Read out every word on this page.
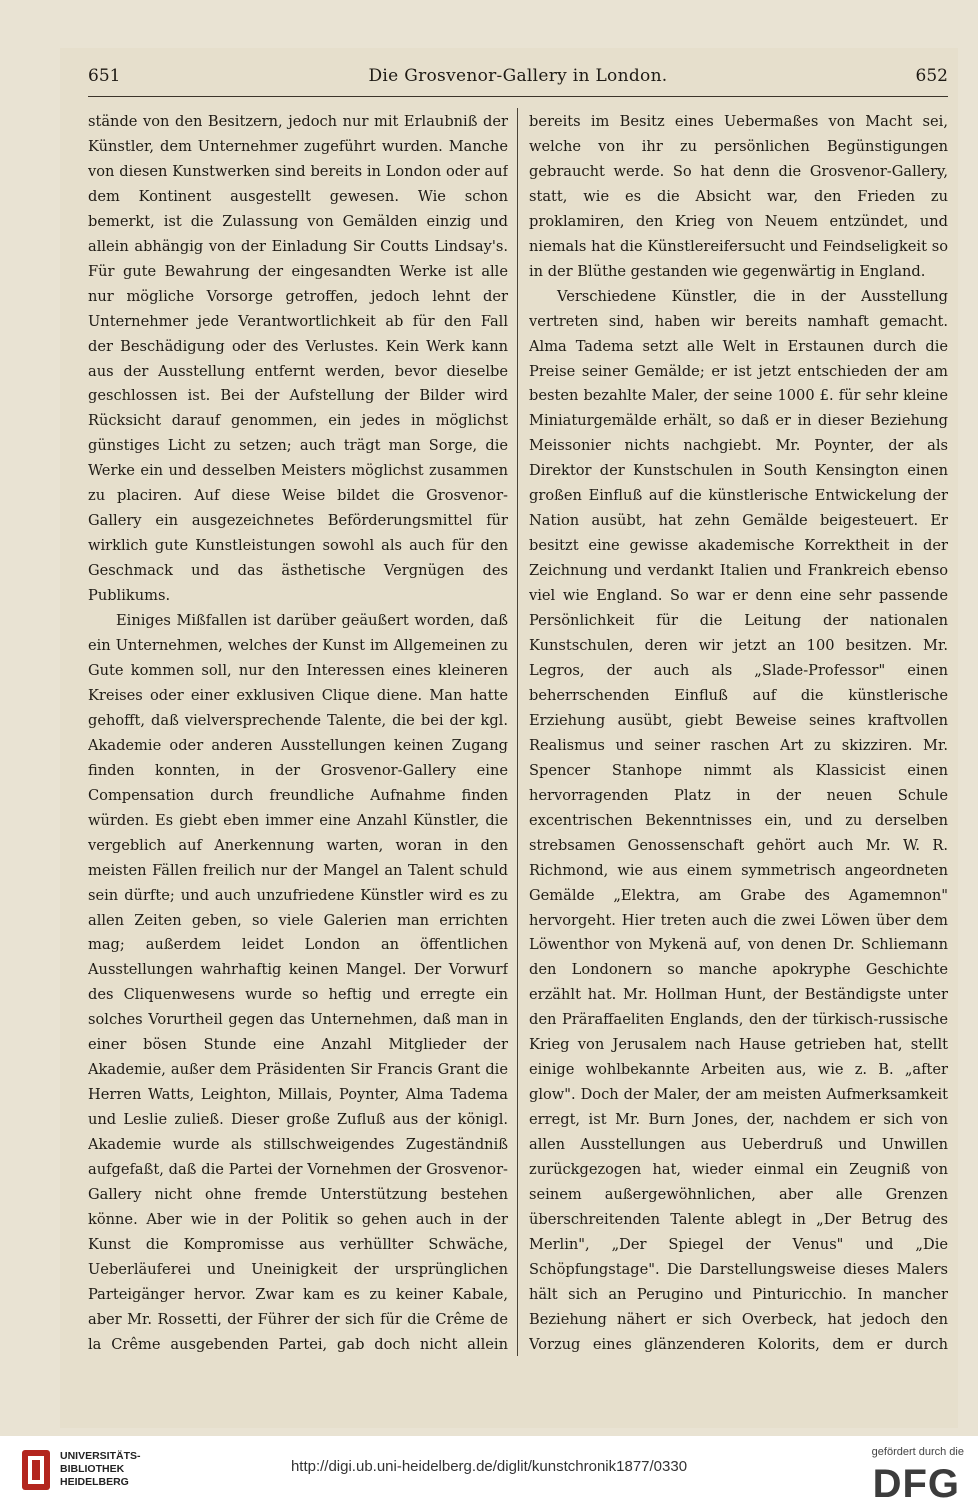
651	Die Grosvenor-Gallery in London.	652

stände von den Besitzern, jedoch nur mit Erlaubniß der Künstler, dem Unternehmer zugeführt wurden. Manche von diesen Kunstwerken sind bereits in London oder auf dem Kontinent ausgestellt gewesen. Wie schon bemerkt, ist die Zulassung von Gemälden einzig und allein abhängig von der Einladung Sir Coutts Lindsay's. Für gute Bewahrung der eingesandten Werke ist alle nur mögliche Vorsorge getroffen, jedoch lehnt der Unternehmer jede Verantwortlichkeit ab für den Fall der Beschädigung oder des Verlustes. Kein Werk kann aus der Ausstellung entfernt werden, bevor dieselbe geschlossen ist. Bei der Aufstellung der Bilder wird Rücksicht darauf genommen, ein jedes in möglichst günstiges Licht zu setzen; auch trägt man Sorge, die Werke ein und desselben Meisters möglichst zusammen zu placiren. Auf diese Weise bildet die Grosvenor-Gallery ein ausgezeichnetes Beförderungsmittel für wirklich gute Kunstleistungen sowohl als auch für den Geschmack und das ästhetische Vergnügen des Publikums.

Einiges Mißfallen ist darüber geäußert worden, daß ein Unternehmen, welches der Kunst im Allgemeinen zu Gute kommen soll, nur den Interessen eines kleineren Kreises oder einer exklusiven Clique diene. Man hatte gehofft, daß vielversprechende Talente, die bei der kgl. Akademie oder anderen Ausstellungen keinen Zugang finden konnten, in der Grosvenor-Gallery eine Compensation durch freundliche Aufnahme finden würden. Es giebt eben immer eine Anzahl Künstler, die vergeblich auf Anerkennung warten, woran in den meisten Fällen freilich nur der Mangel an Talent schuld sein dürfte; und auch unzufriedene Künstler wird es zu allen Zeiten geben, so viele Galerien man errichten mag; außerdem leidet London an öffentlichen Ausstellungen wahrhaftig keinen Mangel. Der Vorwurf des Cliquenwesens wurde so heftig und erregte ein solches Vorurtheil gegen das Unternehmen, daß man in einer bösen Stunde eine Anzahl Mitglieder der Akademie, außer dem Präsidenten Sir Francis Grant die Herren Watts, Leighton, Millais, Poynter, Alma Tadema und Leslie zuließ. Dieser große Zufluß aus der königl. Akademie wurde als stillschweigendes Zugeständniß aufgefaßt, daß die Partei der Vornehmen der Grosvenor-Gallery nicht ohne fremde Unterstützung bestehen könne. Aber wie in der Politik so gehen auch in der Kunst die Kompromisse aus verhüllter Schwäche, Ueberläuferei und Uneinigkeit der ursprünglichen Parteigänger hervor. Zwar kam es zu keiner Kabale, aber Mr. Rossetti, der Führer der sich für die Crême de la Crême ausgebenden Partei, gab doch nicht allein

bereits im Besitz eines Uebermaßes von Macht sei, welche von ihr zu persönlichen Begünstigungen gebraucht werde. So hat denn die Grosvenor-Gallery, statt, wie es die Absicht war, den Frieden zu proklamiren, den Krieg von Neuem entzündet, und niemals hat die Künstlereifersucht und Feindseligkeit so in der Blüthe gestanden wie gegenwärtig in England.

Verschiedene Künstler, die in der Ausstellung vertreten sind, haben wir bereits namhaft gemacht. Alma Tadema setzt alle Welt in Erstaunen durch die Preise seiner Gemälde; er ist jetzt entschieden der am besten bezahlte Maler, der seine 1000 £. für sehr kleine Miniaturgemälde erhält, so daß er in dieser Beziehung Meissonier nichts nachgiebt. Mr. Poynter, der als Direktor der Kunstschulen in South Kensington einen großen Einfluß auf die künstlerische Entwickelung der Nation ausübt, hat zehn Gemälde beigesteuert. Er besitzt eine gewisse akademische Korrektheit in der Zeichnung und verdankt Italien und Frankreich ebenso viel wie England. So war er denn eine sehr passende Persönlichkeit für die Leitung der nationalen Kunstschulen, deren wir jetzt an 100 besitzen. Mr. Legros, der auch als „Slade-Professor" einen beherrschenden Einfluß auf die künstlerische Erziehung ausübt, giebt Beweise seines kraftvollen Realismus und seiner raschen Art zu skizziren. Mr. Spencer Stanhope nimmt als Klassicist einen hervorragenden Platz in der neuen Schule excentrischen Bekenntnisses ein, und zu derselben strebsamen Genossenschaft gehört auch Mr. W. R. Richmond, wie aus einem symmetrisch angeordneten Gemälde „Elektra, am Grabe des Agamemnon" hervorgeht. Hier treten auch die zwei Löwen über dem Löwenthor von Mykenä auf, von denen Dr. Schliemann den Londonern so manche apokryphe Geschichte erzählt hat. Mr. Hollman Hunt, der Beständigste unter den Präraffaeliten Englands, den der türkisch-russische Krieg von Jerusalem nach Hause getrieben hat, stellt einige wohlbekannte Arbeiten aus, wie z. B. „after glow". Doch der Maler, der am meisten Aufmerksamkeit erregt, ist Mr. Burn Jones, der, nachdem er sich von allen Ausstellungen aus Ueberdruß und Unwillen zurückgezogen hat, wieder einmal ein Zeugniß von seinem außergewöhnlichen, aber alle Grenzen überschreitenden Talente ablegt in „Der Betrug des Merlin", „Der Spiegel der Venus" und „Die Schöpfungstage". Die Darstellungsweise dieses Malers hält sich an Perugino und Pinturicchio. In mancher Beziehung nähert er sich Overbeck, hat jedoch den Vorzug eines glänzenderen Kolorits, dem er durch

UNIVERSITÄTS-
BIBLIOTHEK
HEIDELBERG
http://digi.ub.uni-heidelberg.de/diglit/kunstchronik1877/0330
gefördert durch die
DFG
